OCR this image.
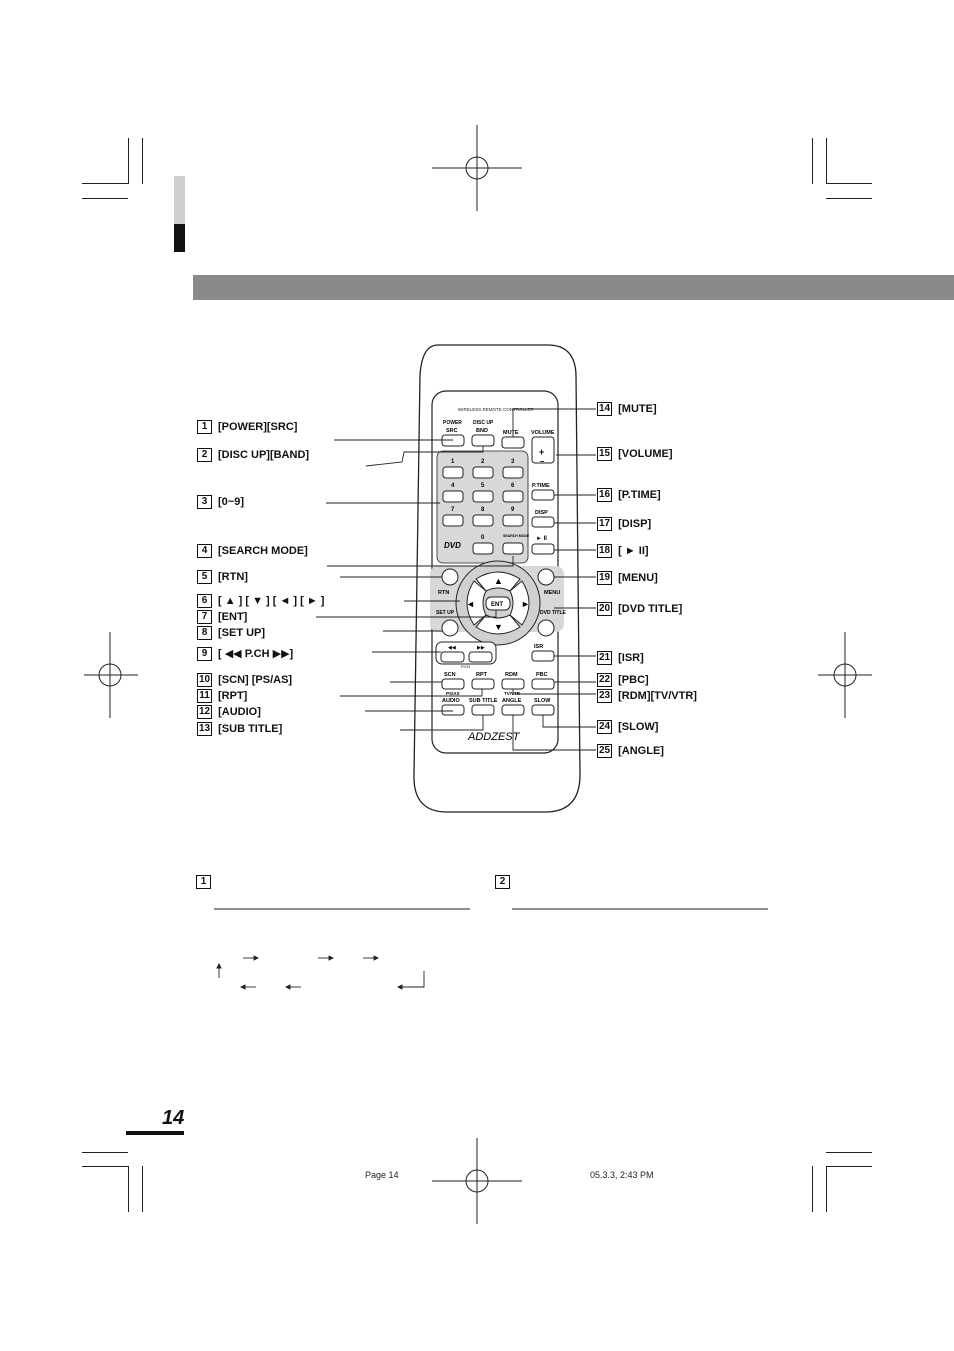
WIRELESS REMOTE CONTROLLER
POWER
SRC
DISC UP
BND	MUTE VOLUME
+
–
1	2	3
4	5	6
7	8	9
0
DVD
SEARCH MODE
P.TIME
DISP
► II
RTN	MENU
SET UP	DVD TITLE
▲
▼
◄	►
ENT
◀◀	▶▶
P.CH
ISR
SCN	RPT	RDM	PBC
PS/AS	TV/VTR
AUDIO SUB TITLE ANGLE SLOW
ADDZEST
1 [POWER][SRC]
2 [DISC UP][BAND]
3 [0~9]
4 [SEARCH MODE]
5 [RTN]
6 [ ▲ ] [ ▼ ] [ ◄ ] [ ► ]
7 [ENT]
8 [SET UP]
9 [ ◀◀ P.CH ▶▶]
10 [SCN] [PS/AS]
11 [RPT]
12 [AUDIO]
13 [SUB TITLE]
14 [MUTE]
15 [VOLUME]
16 [P.TIME]
17 [DISP]
18 [ ► II]
19 [MENU]
20 [DVD TITLE]
21 [ISR]
22 [PBC]
23 [RDM][TV/VTR]
24 [SLOW]
25 [ANGLE]
1	2
14
Page 14	05.3.3, 2:43 PM
